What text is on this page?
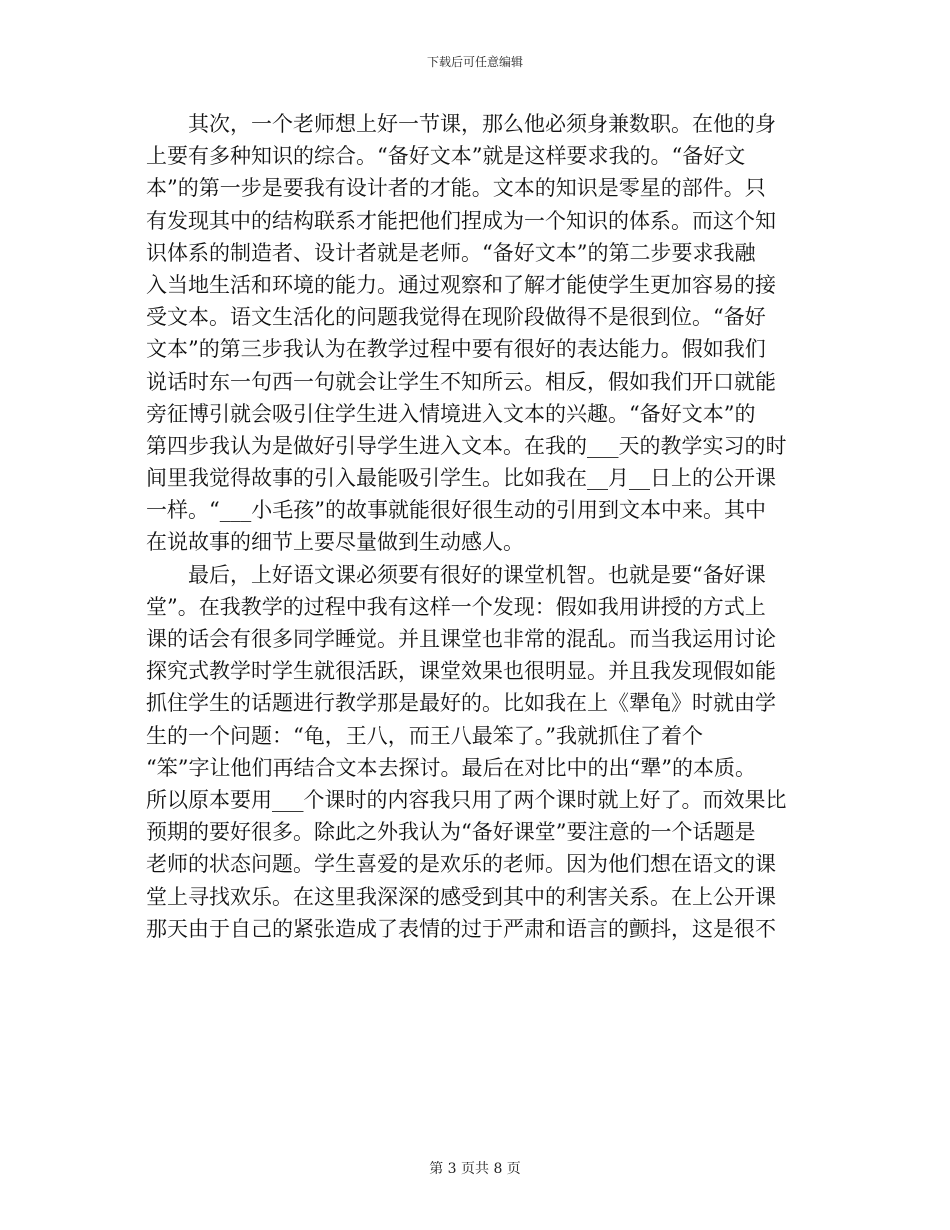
下载后可任意编辑
　　其次，一个老师想上好一节课，那么他必须身兼数职。在他的身
上要有多种知识的综合。“备好文本”就是这样要求我的。“备好文
本”的第一步是要我有设计者的才能。文本的知识是零星的部件。只
有发现其中的结构联系才能把他们捏成为一个知识的体系。而这个知
识体系的制造者、设计者就是老师。“备好文本”的第二步要求我融
入当地生活和环境的能力。通过观察和了解才能使学生更加容易的接
受文本。语文生活化的问题我觉得在现阶段做得不是很到位。“备好
文本”的第三步我认为在教学过程中要有很好的表达能力。假如我们
说话时东一句西一句就会让学生不知所云。相反，假如我们开口就能
旁征博引就会吸引住学生进入情境进入文本的兴趣。“备好文本”的
第四步我认为是做好引导学生进入文本。在我的___天的教学实习的时
间里我觉得故事的引入最能吸引学生。比如我在__月__日上的公开课
一样。“___小毛孩”的故事就能很好很生动的引用到文本中来。其中
在说故事的细节上要尽量做到生动感人。
　　最后，上好语文课必须要有很好的课堂机智。也就是要“备好课
堂”。在我教学的过程中我有这样一个发现：假如我用讲授的方式上
课的话会有很多同学睡觉。并且课堂也非常的混乱。而当我运用讨论
探究式教学时学生就很活跃，课堂效果也很明显。并且我发现假如能
抓住学生的话题进行教学那是最好的。比如我在上《犟龟》时就由学
生的一个问题：“龟，王八，而王八最笨了。”我就抓住了着个
“笨”字让他们再结合文本去探讨。最后在对比中的出“犟”的本质。
所以原本要用___个课时的内容我只用了两个课时就上好了。而效果比
预期的要好很多。除此之外我认为“备好课堂”要注意的一个话题是
老师的状态问题。学生喜爱的是欢乐的老师。因为他们想在语文的课
堂上寻找欢乐。在这里我深深的感受到其中的利害关系。在上公开课
那天由于自己的紧张造成了表情的过于严肃和语言的颤抖，这是很不
第 3 页共 8 页
